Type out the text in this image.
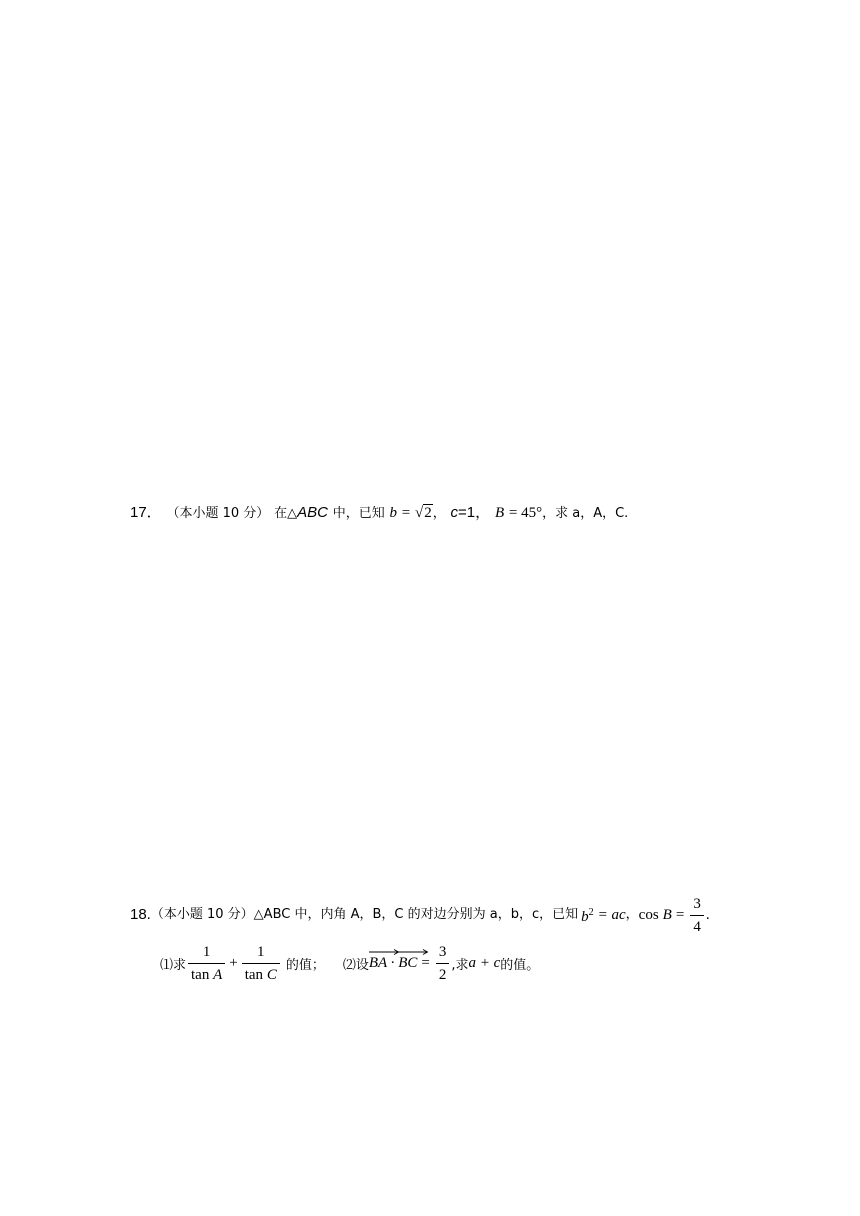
17． （本小题 10 分） 在△ABC 中，已知 b = √2， c=1， B = 45°，求 a，A，C.
18. （本小题 10 分） △ABC 中，内角 A，B，C 的对边分别为 a，b，c，已知 $b^2$ = ac ， $\cos B = \frac{3}{4}$ .
⑴求 $\frac{1}{\text{tan A}} + \frac{1}{\text{tan C}}$ 的值； ⑵设 BA · BC = $\frac{3}{2}$ ,求 a + c 的值。
